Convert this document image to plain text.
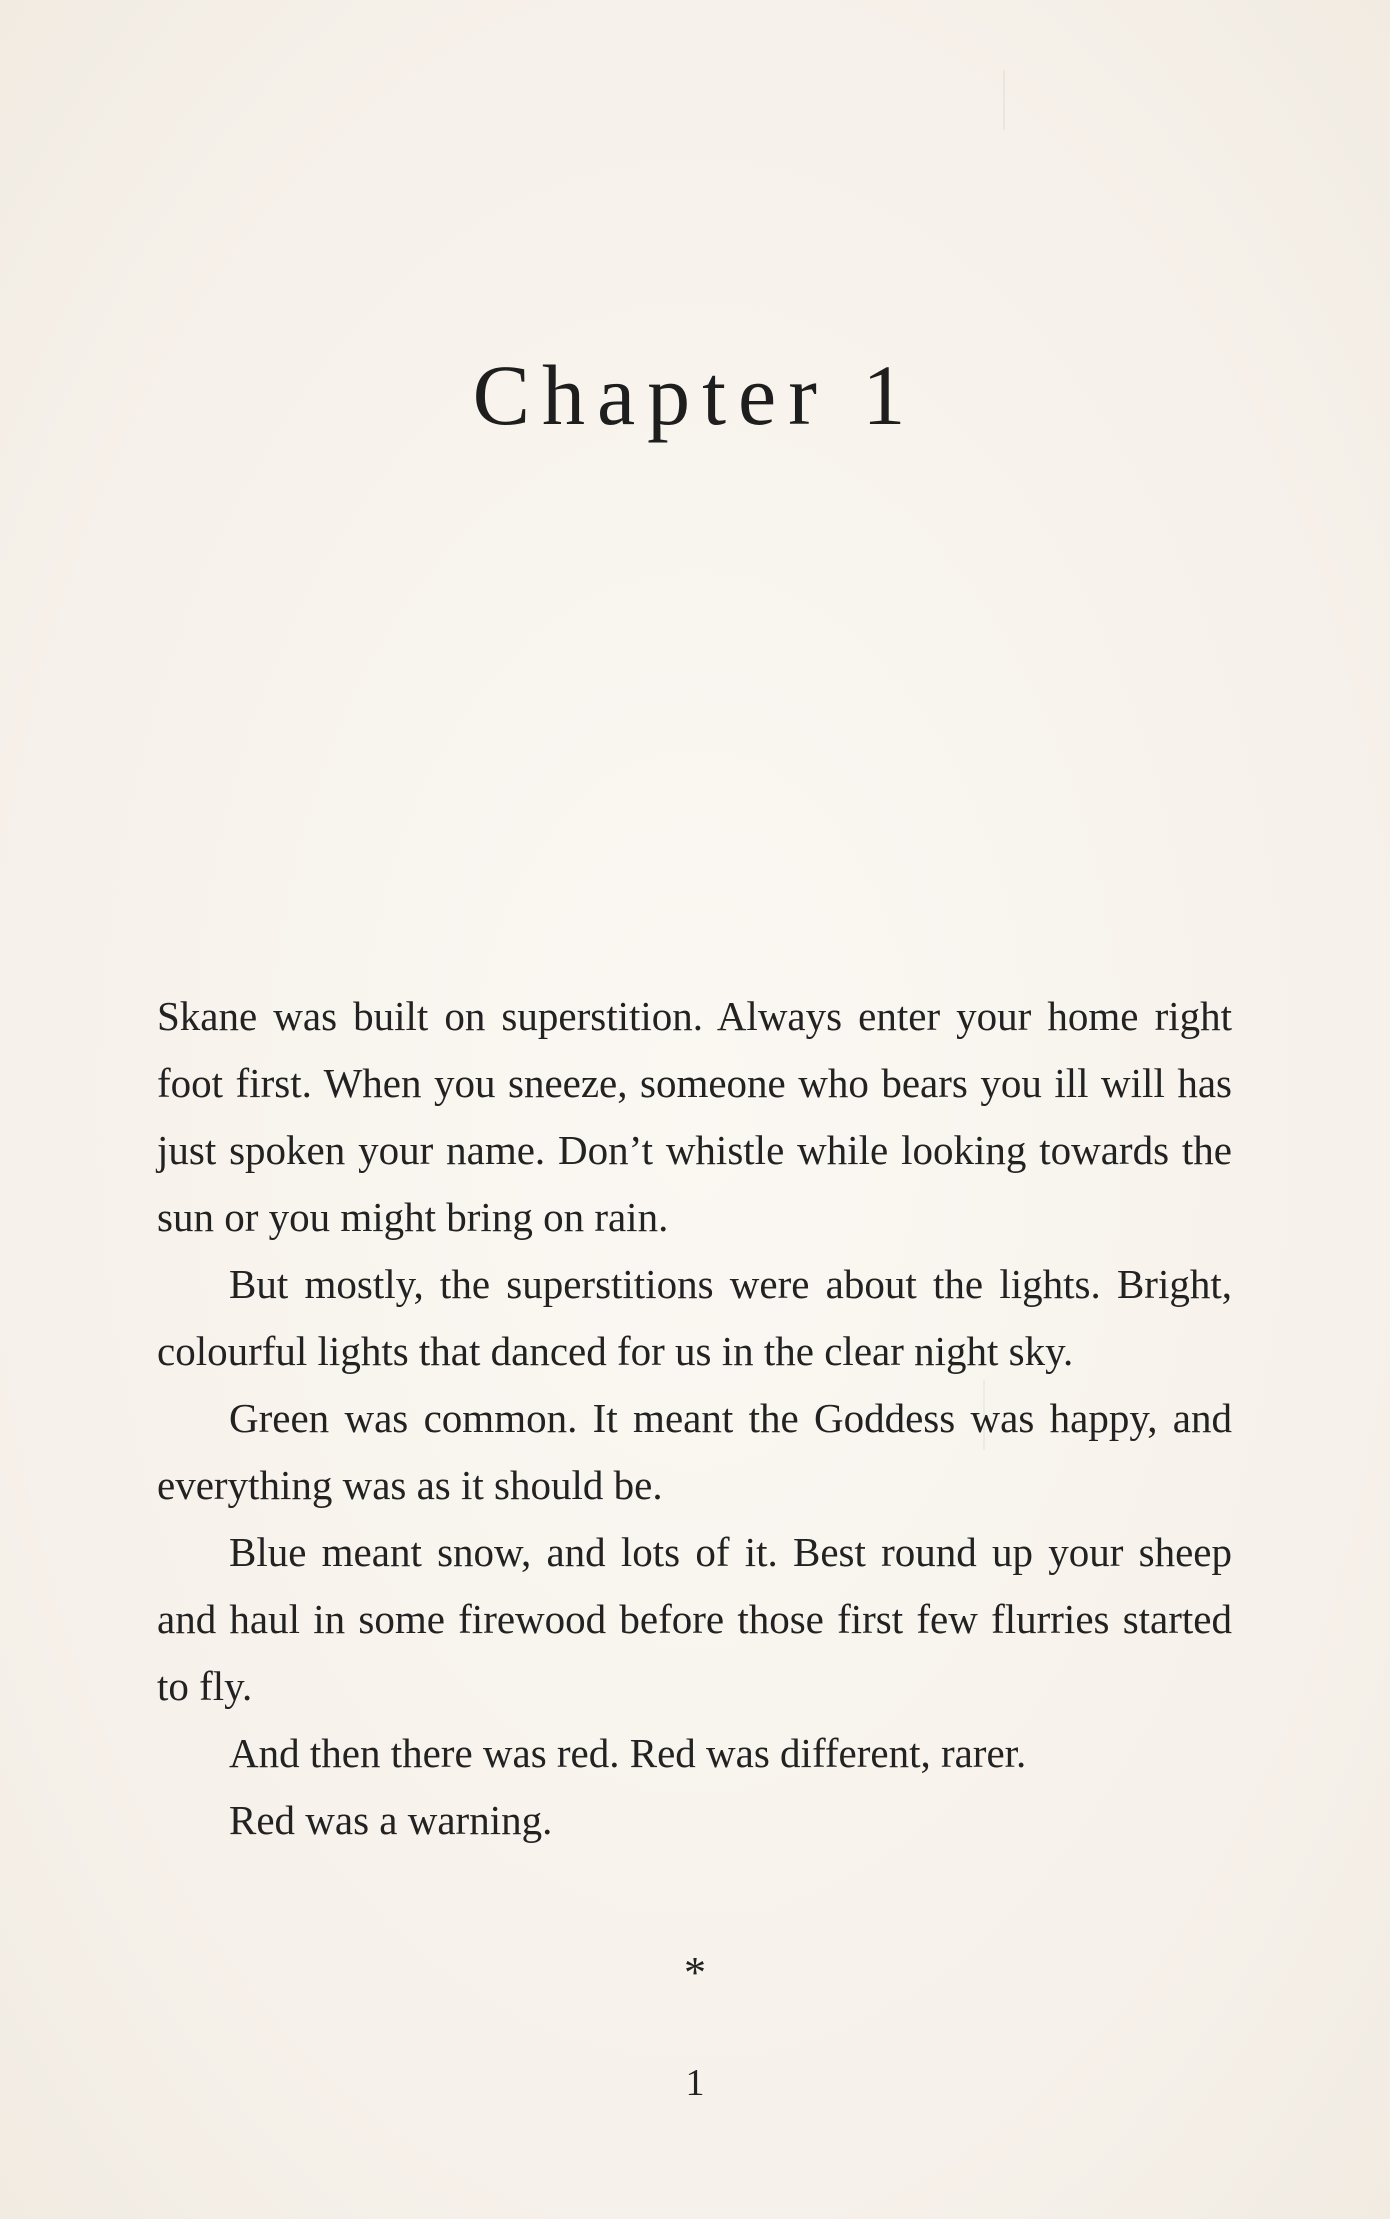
Chapter 1

Skane was built on superstition. Always enter your home right foot first. When you sneeze, someone who bears you ill will has just spoken your name. Don’t whistle while looking towards the sun or you might bring on rain.

But mostly, the superstitions were about the lights. Bright, colourful lights that danced for us in the clear night sky.

Green was common. It meant the Goddess was happy, and everything was as it should be.

Blue meant snow, and lots of it. Best round up your sheep and haul in some firewood before those first few flurries started to fly.

And then there was red. Red was different, rarer.

Red was a warning.

*
1
